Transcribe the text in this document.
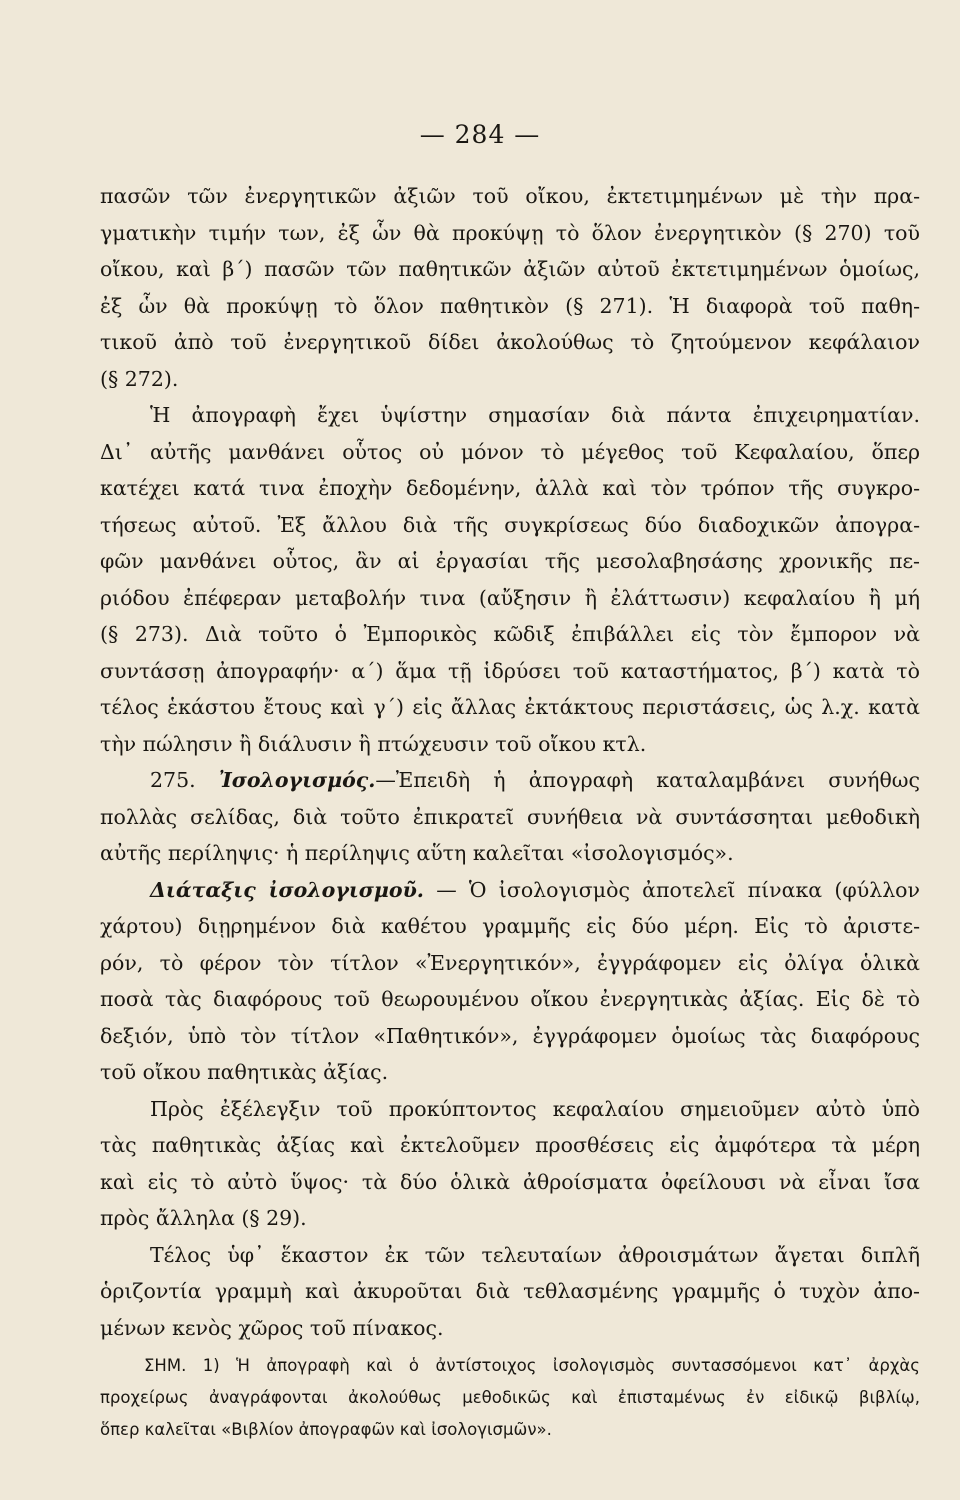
— 284 —
πασῶν τῶν ἐνεργητικῶν ἀξιῶν τοῦ οἴκου, ἐκτετιμημένων μὲ τὴν πρα-
γματικὴν τιμήν των, ἐξ ὧν θὰ προκύψῃ τὸ ὅλον ἐνεργητικὸν (§ 270) τοῦ
οἴκου, καὶ β΄) πασῶν τῶν παθητικῶν ἀξιῶν αὐτοῦ ἐκτετιμημένων ὁμοίως,
ἐξ ὧν θὰ προκύψῃ τὸ ὅλον παθητικὸν (§ 271). Ἡ διαφορὰ τοῦ παθη-
τικοῦ ἀπὸ τοῦ ἐνεργητικοῦ δίδει ἀκολούθως τὸ ζητούμενον κεφάλαιον
(§ 272).
Ἡ ἀπογραφὴ ἔχει ὑψίστην σημασίαν διὰ πάντα ἐπιχειρηματίαν.
Δι᾽ αὐτῆς μανθάνει οὗτος οὐ μόνον τὸ μέγεθος τοῦ Κεφαλαίου, ὅπερ
κατέχει κατά τινα ἐποχὴν δεδομένην, ἀλλὰ καὶ τὸν τρόπον τῆς συγκρο-
τήσεως αὐτοῦ. Ἐξ ἄλλου διὰ τῆς συγκρίσεως δύο διαδοχικῶν ἀπογρα-
φῶν μανθάνει οὗτος, ἂν αἱ ἐργασίαι τῆς μεσολαβησάσης χρονικῆς πε-
ριόδου ἐπέφεραν μεταβολήν τινα (αὔξησιν ἢ ἐλάττωσιν) κεφαλαίου ἢ μή
(§ 273). Διὰ τοῦτο ὁ Ἐμπορικὸς κῶδιξ ἐπιβάλλει εἰς τὸν ἔμπορον νὰ
συντάσσῃ ἀπογραφήν· α΄) ἅμα τῇ ἱδρύσει τοῦ καταστήματος, β΄) κατὰ τὸ
τέλος ἑκάστου ἔτους καὶ γ΄) εἰς ἄλλας ἐκτάκτους περιστάσεις, ὡς λ.χ. κατὰ
τὴν πώλησιν ἢ διάλυσιν ἢ πτώχευσιν τοῦ οἴκου κτλ.
275. Ἰσολογισμός.—Ἐπειδὴ ἡ ἀπογραφὴ καταλαμβάνει συνήθως
πολλὰς σελίδας, διὰ τοῦτο ἐπικρατεῖ συνήθεια νὰ συντάσσηται μεθοδικὴ
αὐτῆς περίληψις· ἡ περίληψις αὕτη καλεῖται «ἰσολογισμός».
Διάταξις ἰσολογισμοῦ. — Ὁ ἰσολογισμὸς ἀποτελεῖ πίνακα (φύλλον
χάρτου) διῃρημένον διὰ καθέτου γραμμῆς εἰς δύο μέρη. Εἰς τὸ ἀριστε-
ρόν, τὸ φέρον τὸν τίτλον «Ἐνεργητικόν», ἐγγράφομεν εἰς ὀλίγα ὁλικὰ
ποσὰ τὰς διαφόρους τοῦ θεωρουμένου οἴκου ἐνεργητικὰς ἀξίας. Εἰς δὲ τὸ
δεξιόν, ὑπὸ τὸν τίτλον «Παθητικόν», ἐγγράφομεν ὁμοίως τὰς διαφόρους
τοῦ οἴκου παθητικὰς ἀξίας.
Πρὸς ἐξέλεγξιν τοῦ προκύπτοντος κεφαλαίου σημειοῦμεν αὐτὸ ὑπὸ
τὰς παθητικὰς ἀξίας καὶ ἐκτελοῦμεν προσθέσεις εἰς ἀμφότερα τὰ μέρη
καὶ εἰς τὸ αὐτὸ ὕψος· τὰ δύο ὁλικὰ ἀθροίσματα ὀφείλουσι νὰ εἶναι ἴσα
πρὸς ἄλληλα (§ 29).
Τέλος ὑφ᾽ ἕκαστον ἐκ τῶν τελευταίων ἀθροισμάτων ἄγεται διπλῆ
ὁριζοντία γραμμὴ καὶ ἀκυροῦται διὰ τεθλασμένης γραμμῆς ὁ τυχὸν ἀπο-
μένων κενὸς χῶρος τοῦ πίνακος.
ΣΗΜ. 1) Ἡ ἀπογραφὴ καὶ ὁ ἀντίστοιχος ἰσολογισμὸς συντασσόμενοι κατ᾽ ἀρχὰς
προχείρως ἀναγράφονται ἀκολούθως μεθοδικῶς καὶ ἐπισταμένως ἐν εἰδικῷ βιβλίῳ,
ὅπερ καλεῖται «Βιβλίον ἀπογραφῶν καὶ ἰσολογισμῶν».
